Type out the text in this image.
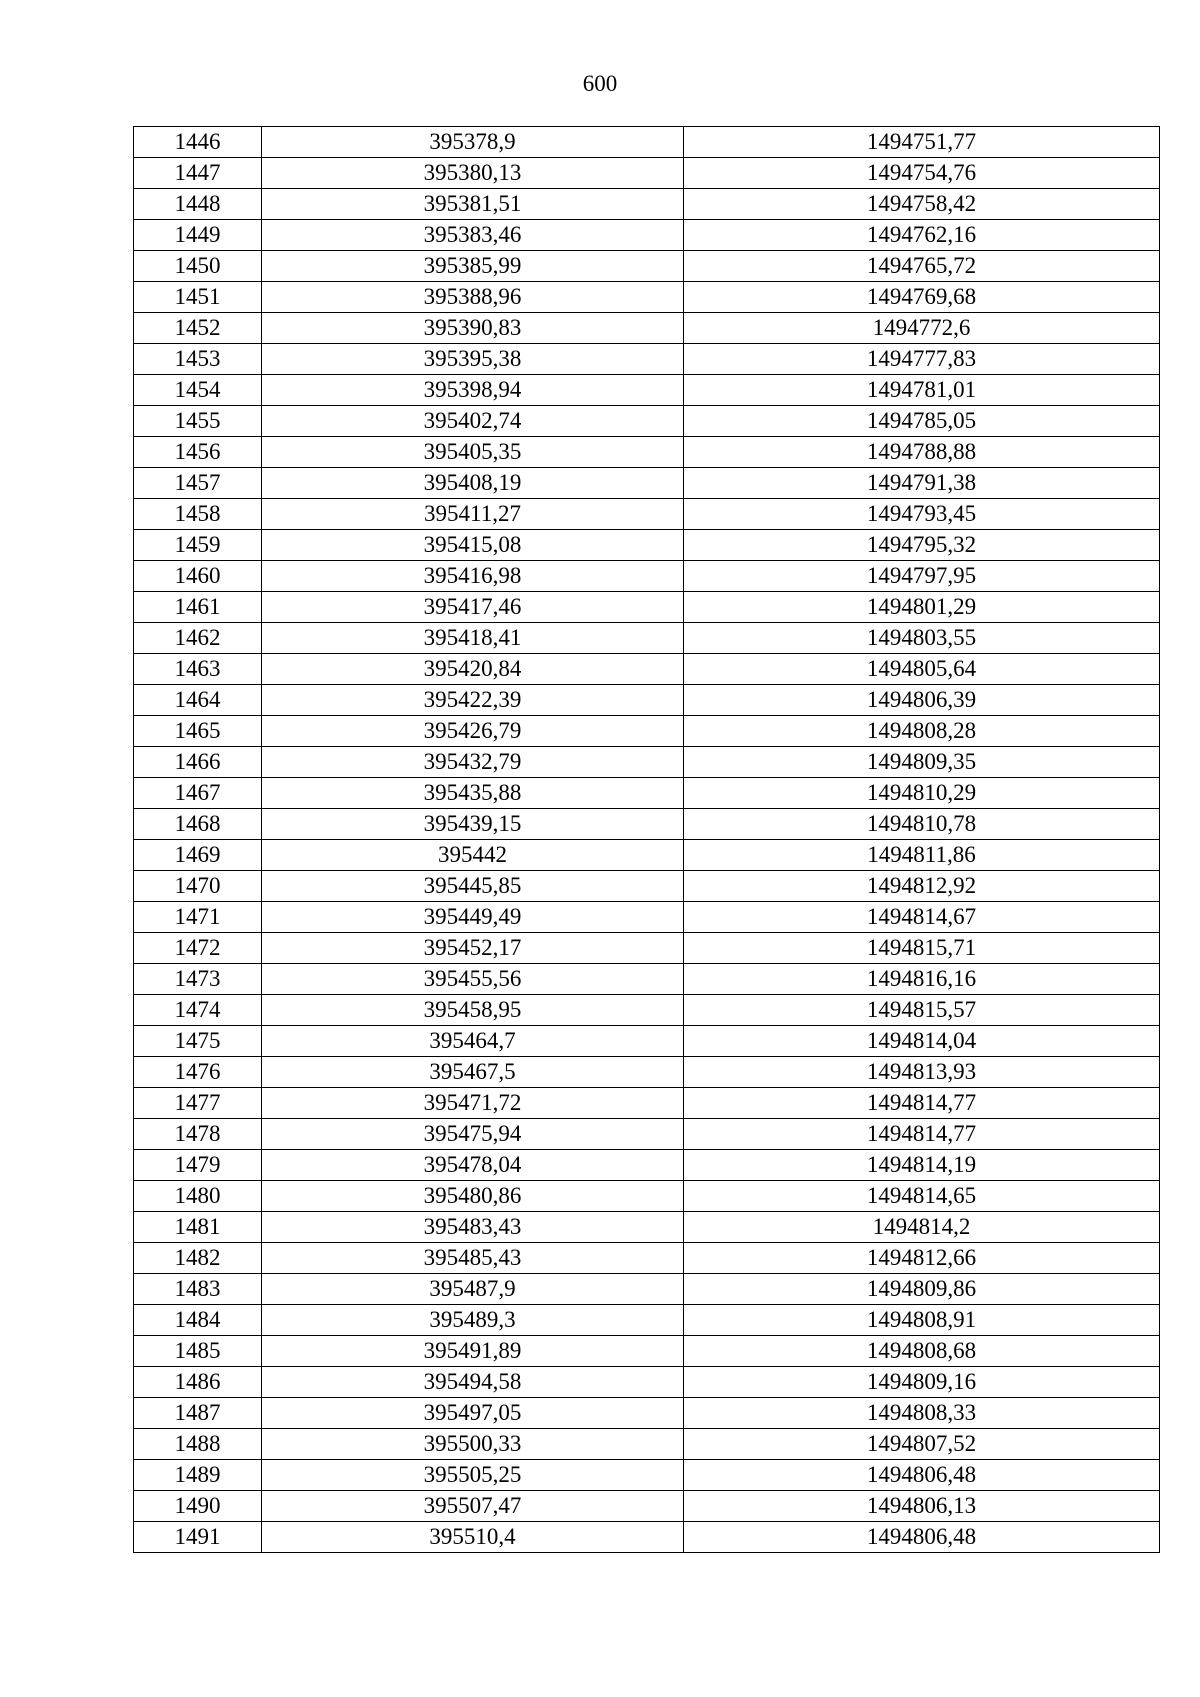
600
1446	395378,9	1494751,77
1447	395380,13	1494754,76
1448	395381,51	1494758,42
1449	395383,46	1494762,16
1450	395385,99	1494765,72
1451	395388,96	1494769,68
1452	395390,83	1494772,6
1453	395395,38	1494777,83
1454	395398,94	1494781,01
1455	395402,74	1494785,05
1456	395405,35	1494788,88
1457	395408,19	1494791,38
1458	395411,27	1494793,45
1459	395415,08	1494795,32
1460	395416,98	1494797,95
1461	395417,46	1494801,29
1462	395418,41	1494803,55
1463	395420,84	1494805,64
1464	395422,39	1494806,39
1465	395426,79	1494808,28
1466	395432,79	1494809,35
1467	395435,88	1494810,29
1468	395439,15	1494810,78
1469	395442	1494811,86
1470	395445,85	1494812,92
1471	395449,49	1494814,67
1472	395452,17	1494815,71
1473	395455,56	1494816,16
1474	395458,95	1494815,57
1475	395464,7	1494814,04
1476	395467,5	1494813,93
1477	395471,72	1494814,77
1478	395475,94	1494814,77
1479	395478,04	1494814,19
1480	395480,86	1494814,65
1481	395483,43	1494814,2
1482	395485,43	1494812,66
1483	395487,9	1494809,86
1484	395489,3	1494808,91
1485	395491,89	1494808,68
1486	395494,58	1494809,16
1487	395497,05	1494808,33
1488	395500,33	1494807,52
1489	395505,25	1494806,48
1490	395507,47	1494806,13
1491	395510,4	1494806,48
